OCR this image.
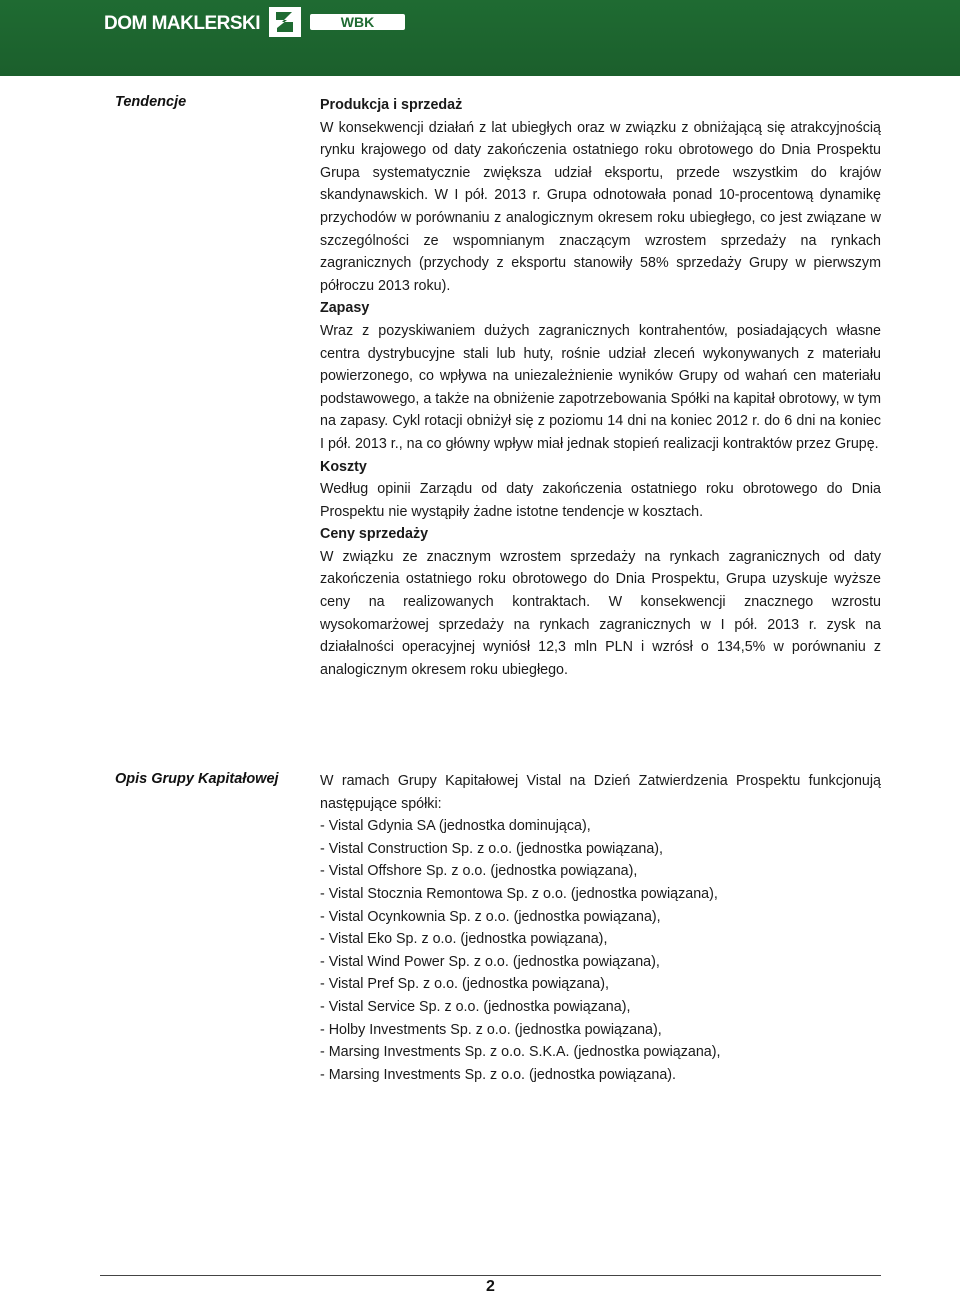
DOM MAKLERSKI	WBK
Tendencje	Produkcja i sprzedaż

W konsekwencji działań z lat ubiegłych oraz w związku z obniżającą się atrakcyjnością rynku krajowego od daty zakończenia ostatniego roku obrotowego do Dnia Prospektu Grupa systematycznie zwiększa udział eksportu, przede wszystkim do krajów skandynawskich. W I pół. 2013 r. Grupa odnotowała ponad 10-procentową dynamikę przychodów w porównaniu z analogicznym okresem roku ubiegłego, co jest związane w szczególności ze wspomnianym znaczącym wzrostem sprzedaży na rynkach zagranicznych (przychody z eksportu stanowiły 58% sprzedaży Grupy w pierwszym półroczu 2013 roku).

Zapasy

Wraz z pozyskiwaniem dużych zagranicznych kontrahentów, posiadających własne centra dystrybucyjne stali lub huty, rośnie udział zleceń wykonywanych z materiału powierzonego, co wpływa na uniezależnienie wyników Grupy od wahań cen materiału podstawowego, a także na obniżenie zapotrzebowania Spółki na kapitał obrotowy, w tym na zapasy. Cykl rotacji obniżył się z poziomu 14 dni na koniec 2012 r. do 6 dni na koniec I pół. 2013 r., na co główny wpływ miał jednak stopień realizacji kontraktów przez Grupę.

Koszty

Według opinii Zarządu od daty zakończenia ostatniego roku obrotowego do Dnia Prospektu nie wystąpiły żadne istotne tendencje w kosztach.

Ceny sprzedaży

W związku ze znacznym wzrostem sprzedaży na rynkach zagranicznych od daty zakończenia ostatniego roku obrotowego do Dnia Prospektu, Grupa uzyskuje wyższe ceny na realizowanych kontraktach. W konsekwencji znacznego wzrostu wysokomarżowej sprzedaży na rynkach zagranicznych w I pół. 2013 r. zysk na działalności operacyjnej wyniósł 12,3 mln PLN i wzrósł o 134,5% w porównaniu z analogicznym okresem roku ubiegłego.

Opis Grupy Kapitałowej	W ramach Grupy Kapitałowej Vistal na Dzień Zatwierdzenia Prospektu funkcjonują następujące spółki:

- Vistal Gdynia SA (jednostka dominująca),

- Vistal Construction Sp. z o.o. (jednostka powiązana),

- Vistal Offshore Sp. z o.o. (jednostka powiązana),

- Vistal Stocznia Remontowa Sp. z o.o. (jednostka powiązana),

- Vistal Ocynkownia Sp. z o.o. (jednostka powiązana),

- Vistal Eko Sp. z o.o. (jednostka powiązana),

- Vistal Wind Power Sp. z o.o. (jednostka powiązana),

- Vistal Pref Sp. z o.o. (jednostka powiązana),

- Vistal Service Sp. z o.o. (jednostka powiązana),

- Holby Investments Sp. z o.o. (jednostka powiązana),

- Marsing Investments Sp. z o.o. S.K.A. (jednostka powiązana),

- Marsing Investments Sp. z o.o. (jednostka powiązana).

2
